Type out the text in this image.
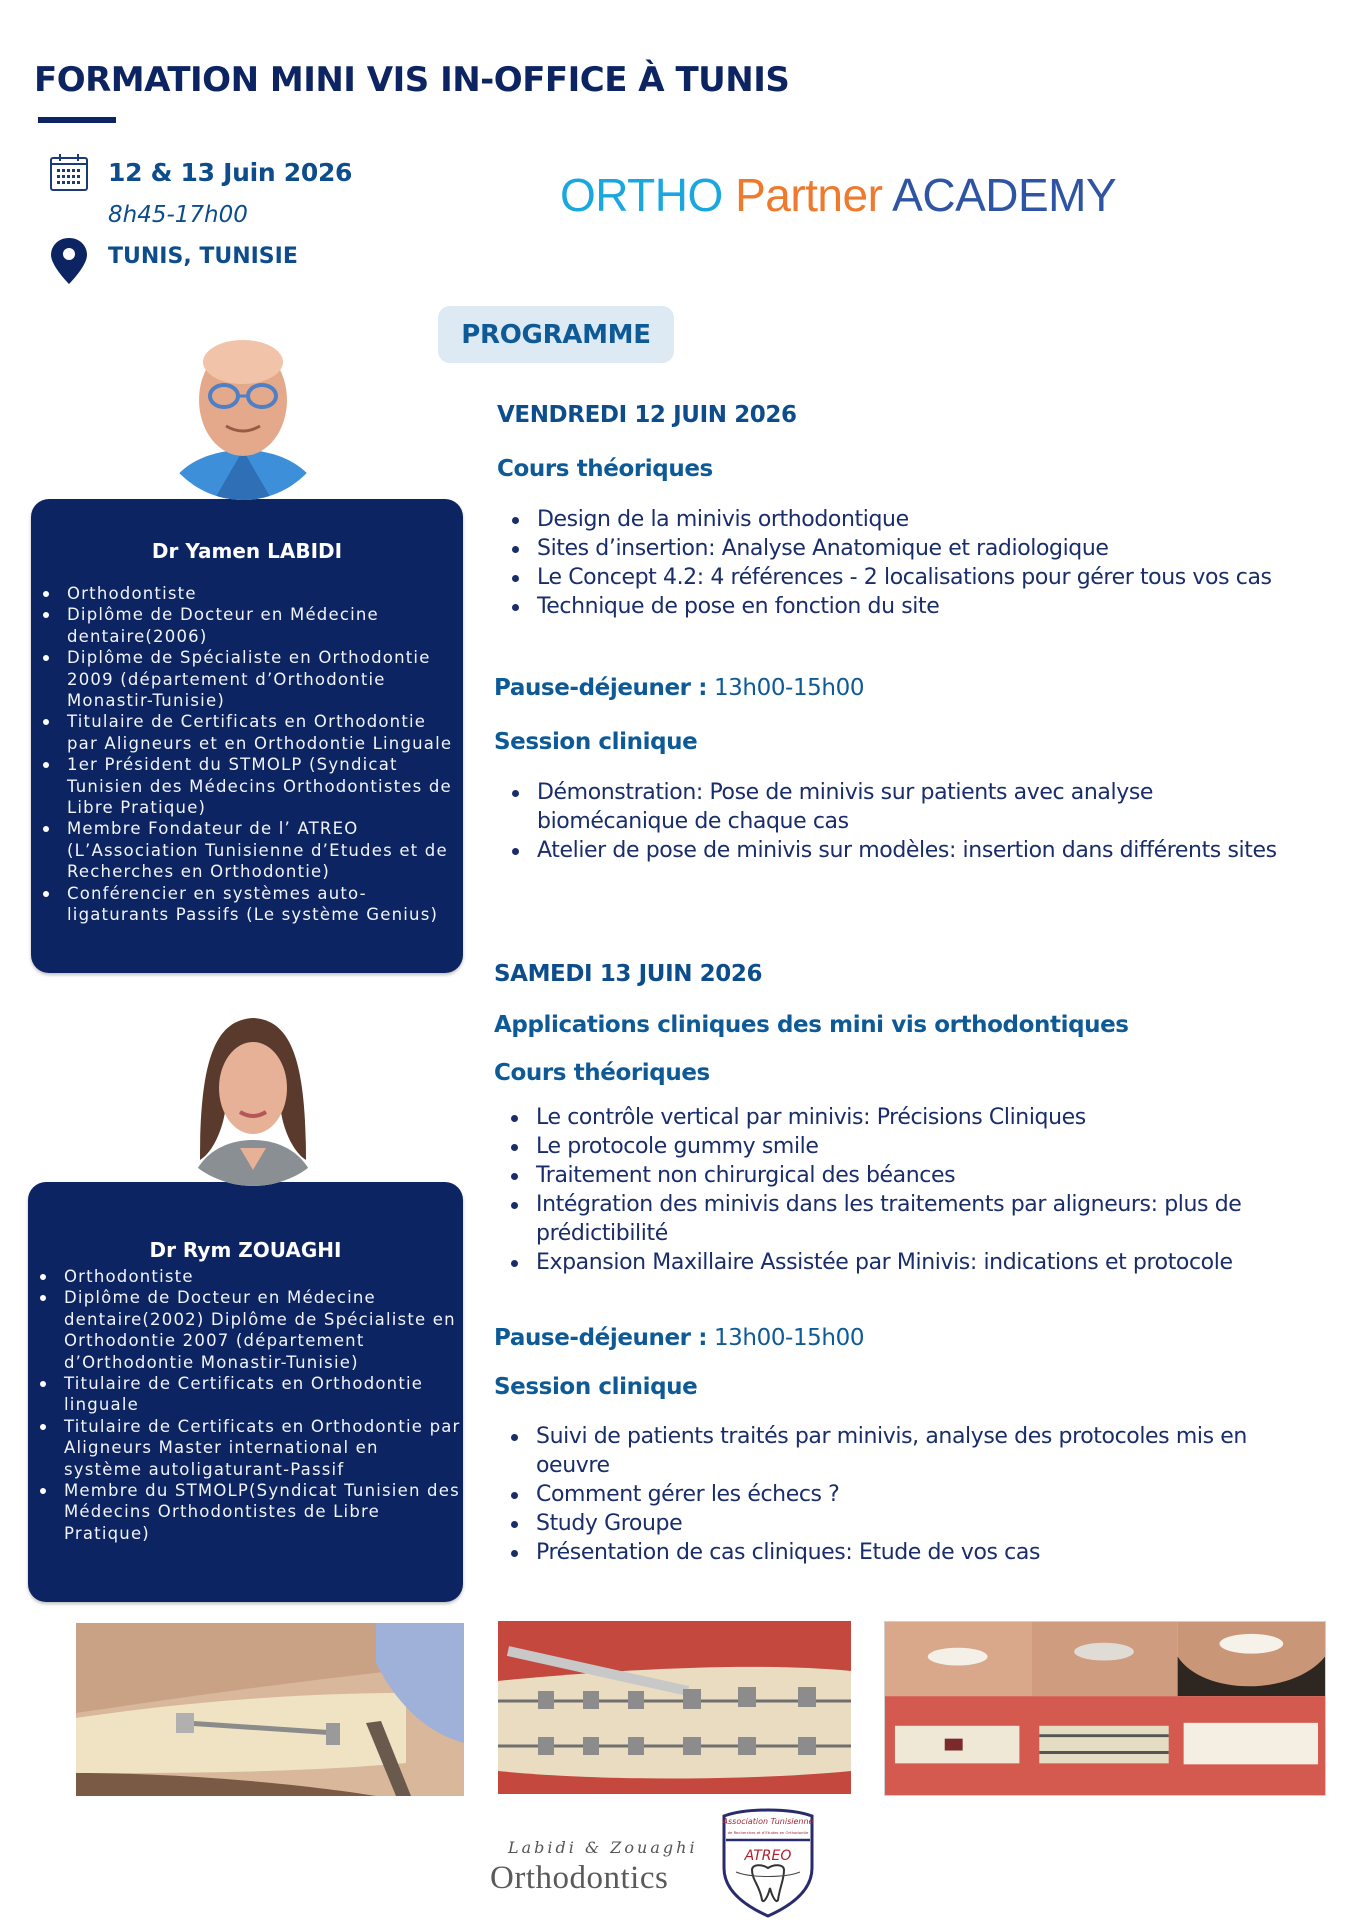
FORMATION MINI VIS IN-OFFICE À TUNIS
12 & 13 Juin 2026
8h45-17h00
TUNIS, TUNISIE
ORTHO Partner ACADEMY
PROGRAMME
Dr Yamen LABIDI
Orthodontiste
Diplôme de Docteur en Médecine dentaire(2006)
Diplôme de Spécialiste en Orthodontie 2009 (département d’Orthodontie Monastir-Tunisie)
Titulaire de Certificats en Orthodontie par Aligneurs et en Orthodontie Linguale
1er Président du STMOLP (Syndicat Tunisien des Médecins Orthodontistes de Libre Pratique)
Membre Fondateur de l’ ATREO (L’Association Tunisienne d’Etudes et de Recherches en Orthodontie)
Conférencier en systèmes auto-ligaturants Passifs (Le système Genius)
Dr Rym ZOUAGHI
Orthodontiste
Diplôme de Docteur en Médecine dentaire(2002) Diplôme de Spécialiste en Orthodontie 2007 (département d’Orthodontie Monastir-Tunisie)
Titulaire de Certificats en Orthodontie linguale
Titulaire de Certificats en Orthodontie par Aligneurs Master international en système autoligaturant-Passif
Membre du STMOLP(Syndicat Tunisien des Médecins Orthodontistes de Libre Pratique)
VENDREDI 12 JUIN 2026
Cours théoriques
Design de la minivis orthodontique
Sites d’insertion: Analyse Anatomique et radiologique
Le Concept 4.2: 4 références - 2 localisations pour gérer tous vos cas
Technique de pose en fonction du site
Pause-déjeuner : 13h00-15h00
Session clinique
Démonstration: Pose de minivis sur patients avec analyse biomécanique de chaque cas
Atelier de pose de minivis sur modèles: insertion dans différents sites
SAMEDI 13 JUIN 2026
Applications cliniques des mini vis orthodontiques
Cours théoriques
Le contrôle vertical par minivis: Précisions Cliniques
Le protocole gummy smile
Traitement non chirurgical des béances
Intégration des minivis dans les traitements par aligneurs: plus de prédictibilité
Expansion Maxillaire Assistée par Minivis: indications et protocole
Pause-déjeuner : 13h00-15h00
Session clinique
Suivi de patients traités par minivis, analyse des protocoles mis en oeuvre
Comment gérer les échecs ?
Study Groupe
Présentation de cas cliniques: Etude de vos cas
Labidi & Zouaghi
Orthodontics
Association Tunisienne
de Recherches et d’Etudes en Orthodontie
ATREO
